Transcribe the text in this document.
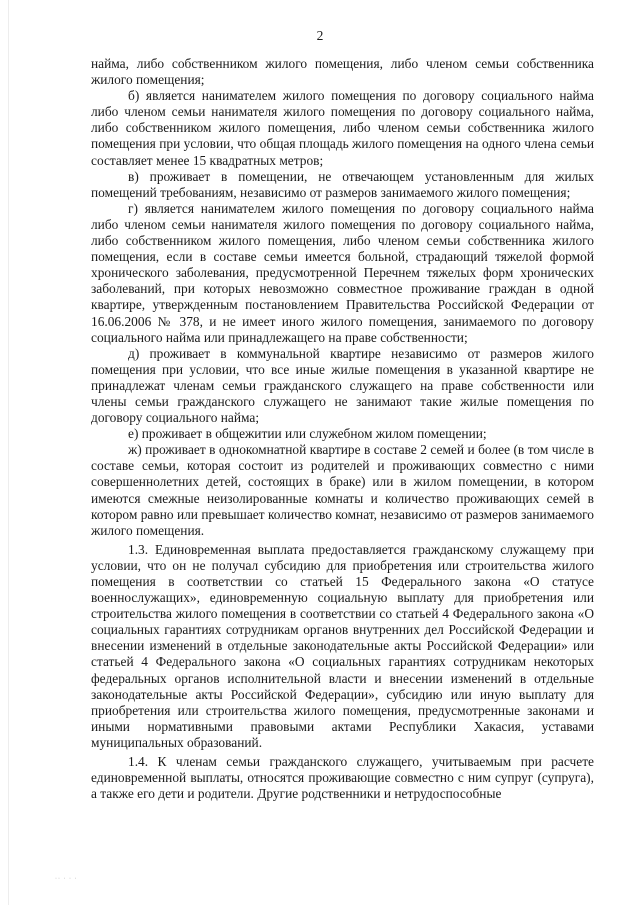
2

найма, либо собственником жилого помещения, либо членом семьи собственника жилого помещения;

б) является нанимателем жилого помещения по договору социального найма либо членом семьи нанимателя жилого помещения по договору социального найма, либо собственником жилого помещения, либо членом семьи собственника жилого помещения при условии, что общая площадь жилого помещения на одного члена семьи составляет менее 15 квадратных метров;

в) проживает в помещении, не отвечающем установленным для жилых помещений требованиям, независимо от размеров занимаемого жилого помещения;

г) является нанимателем жилого помещения по договору социального найма либо членом семьи нанимателя жилого помещения по договору социального найма, либо собственником жилого помещения, либо членом семьи собственника жилого помещения, если в составе семьи имеется больной, страдающий тяжелой формой хронического заболевания, предусмотренной Перечнем тяжелых форм хронических заболеваний, при которых невозможно совместное проживание граждан в одной квартире, утвержденным постановлением Правительства Российской Федерации от 16.06.2006 № 378, и не имеет иного жилого помещения, занимаемого по договору социального найма или принадлежащего на праве собственности;

д) проживает в коммунальной квартире независимо от размеров жилого помещения при условии, что все иные жилые помещения в указанной квартире не принадлежат членам семьи гражданского служащего на праве собственности или члены семьи гражданского служащего не занимают такие жилые помещения по договору социального найма;

е) проживает в общежитии или служебном жилом помещении;

ж) проживает в однокомнатной квартире в составе 2 семей и более (в том числе в составе семьи, которая состоит из родителей и проживающих совместно с ними совершеннолетних детей, состоящих в браке) или в жилом помещении, в котором имеются смежные неизолированные комнаты и количество проживающих семей в котором равно или превышает количество комнат, независимо от размеров занимаемого жилого помещения.

1.3. Единовременная выплата предоставляется гражданскому служащему при условии, что он не получал субсидию для приобретения или строительства жилого помещения в соответствии со статьей 15 Федерального закона «О статусе военнослужащих», единовременную социальную выплату для приобретения или строительства жилого помещения в соответствии со статьей 4 Федерального закона «О социальных гарантиях сотрудникам органов внутренних дел Российской Федерации и внесении изменений в отдельные законодательные акты Российской Федерации» или статьей 4 Федерального закона «О социальных гарантиях сотрудникам некоторых федеральных органов исполнительной власти и внесении изменений в отдельные законодательные акты Российской Федерации», субсидию или иную выплату для приобретения или строительства жилого помещения, предусмотренные законами и иными нормативными правовыми актами Республики Хакасия, уставами муниципальных образований.

1.4. К членам семьи гражданского служащего, учитываемым при расчете единовременной выплаты, относятся проживающие совместно с ним супруг (супруга), а также его дети и родители. Другие родственники и нетрудоспособные

·· · · ·
